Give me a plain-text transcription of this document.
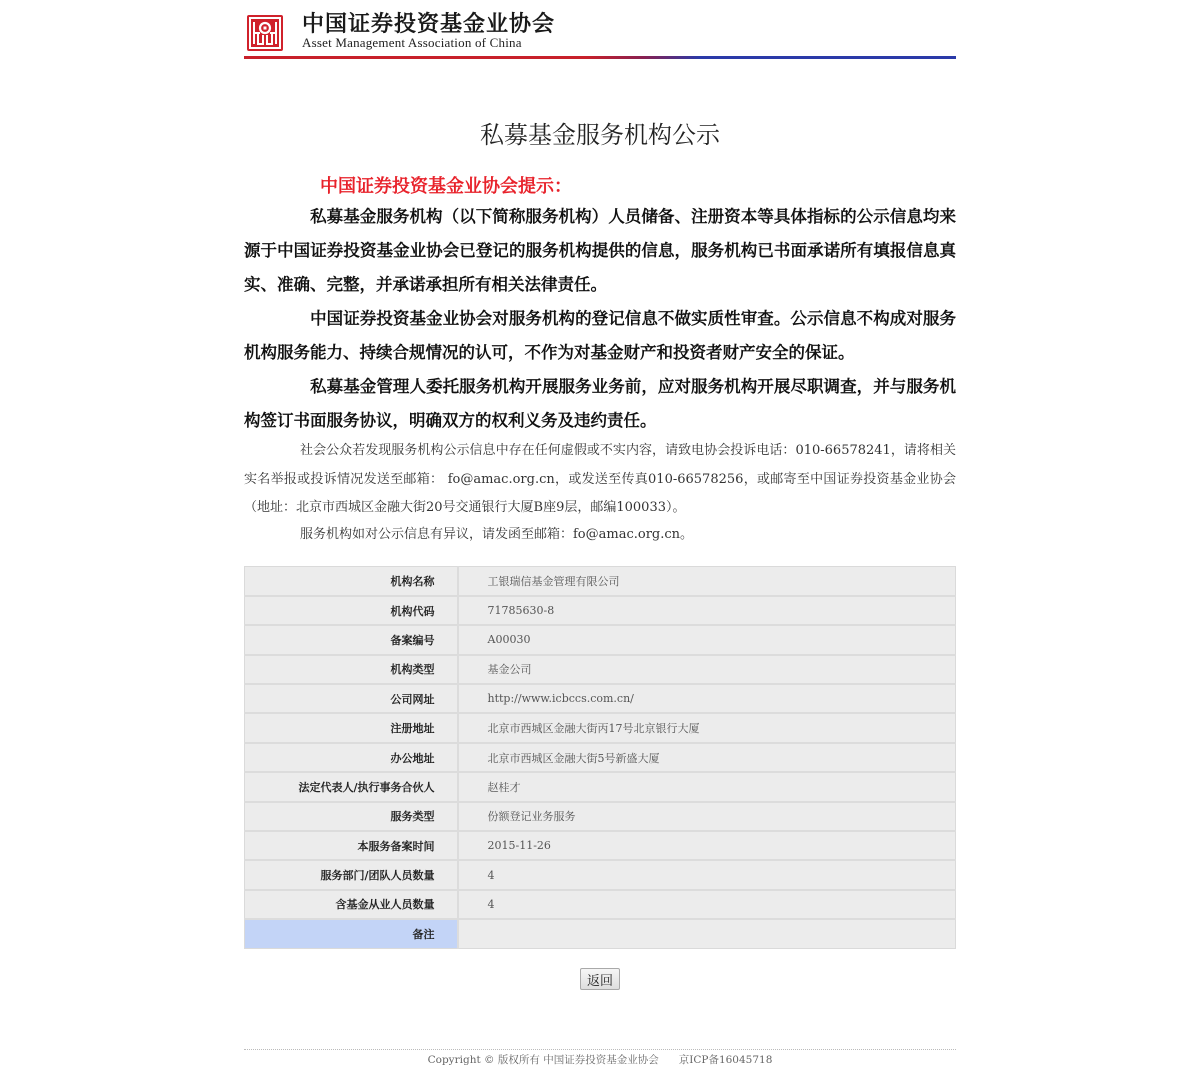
中国证券投资基金业协会
Asset Management Association of China
私募基金服务机构公示
中国证券投资基金业协会提示：

私募基金服务机构（以下简称服务机构）人员储备、注册资本等具体指标的公示信息均来源于中国证券投资基金业协会已登记的服务机构提供的信息，服务机构已书面承诺所有填报信息真实、准确、完整，并承诺承担所有相关法律责任。

中国证券投资基金业协会对服务机构的登记信息不做实质性审查。公示信息不构成对服务机构服务能力、持续合规情况的认可，不作为对基金财产和投资者财产安全的保证。

私募基金管理人委托服务机构开展服务业务前，应对服务机构开展尽职调查，并与服务机构签订书面服务协议，明确双方的权利义务及违约责任。

社会公众若发现服务机构公示信息中存在任何虚假或不实内容，请致电协会投诉电话：010-66578241，请将相关实名举报或投诉情况发送至邮箱： fo@amac.org.cn，或发送至传真010-66578256，或邮寄至中国证券投资基金业协会（地址：北京市西城区金融大街20号交通银行大厦B座9层，邮编100033）。

服务机构如对公示信息有异议，请发函至邮箱：fo@amac.org.cn。

机构名称	工银瑞信基金管理有限公司
机构代码	71785630-8
备案编号	A00030
机构类型	基金公司
公司网址	http://www.icbccs.com.cn/
注册地址	北京市西城区金融大街丙17号北京银行大厦
办公地址	北京市西城区金融大街5号新盛大厦
法定代表人/执行事务合伙人	赵桂才
服务类型	份额登记业务服务
本服务备案时间	2015-11-26
服务部门/团队人员数量	4
含基金从业人员数量	4
备注	
返回
Copyright © 版权所有 中国证券投资基金业协会 京ICP备16045718
